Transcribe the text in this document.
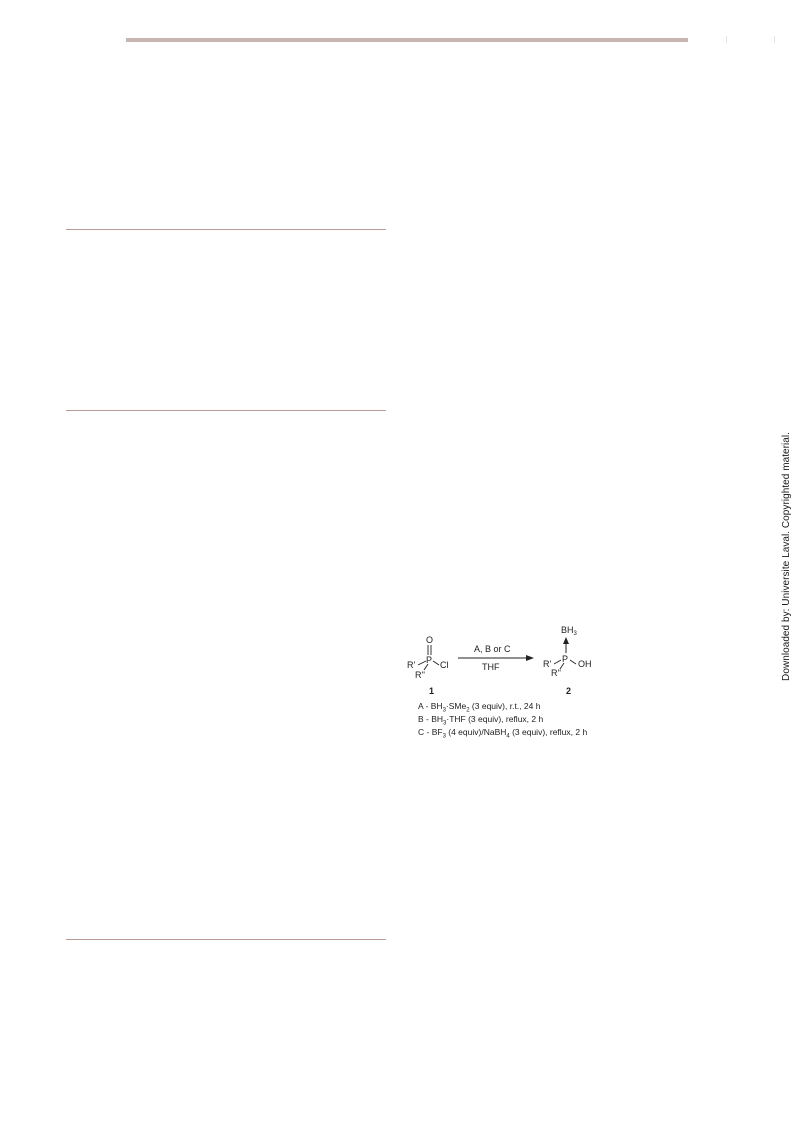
Downloaded by: Universite Laval. Copyrighted material.
O
P Cl
R'
R''
1
A, B or C
THF
$BH_3$
P OH
R'
R''
2
$A - BH_3\cdot SMe_2$ (3 equiv), r.t., 24 h
$B - BH_3\cdot THF$ (3 equiv), reflux, 2 h
C - $BF_3$ (4 equiv)/NaBH$_4$ (3 equiv), reflux, 2 h
